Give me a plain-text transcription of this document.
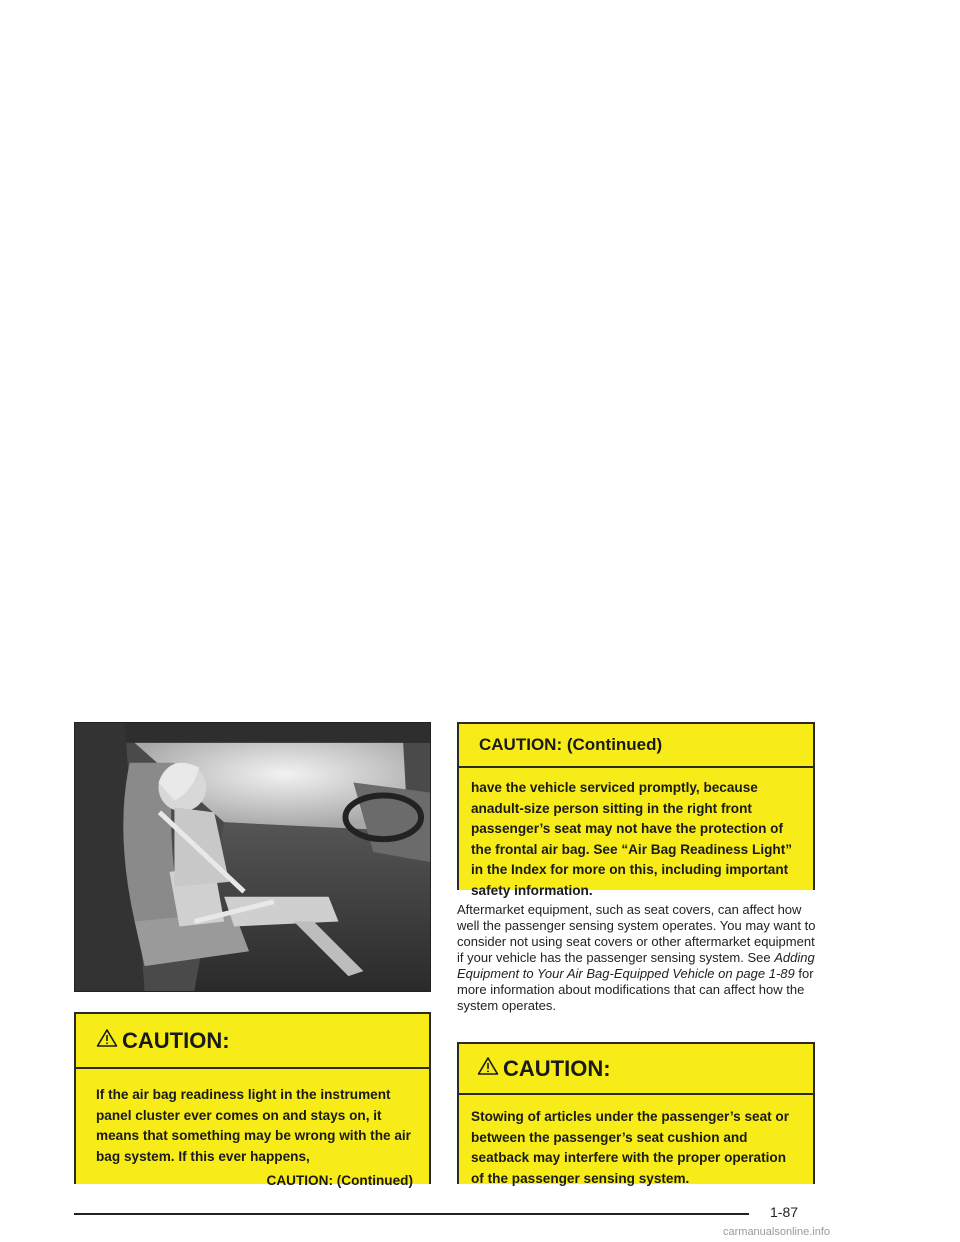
CAUTION:
If the air bag readiness light in the instrument panel cluster ever comes on and stays on, it means that something may be wrong with the air bag system. If this ever happens,
CAUTION: (Continued)
CAUTION: (Continued)
have the vehicle serviced promptly, because anadult-size person sitting in the right front passenger’s seat may not have the protection of the frontal air bag. See “Air Bag Readiness Light” in the Index for more on this, including important safety information.
Aftermarket equipment, such as seat covers, can affect how well the passenger sensing system operates. You may want to consider not using seat covers or other aftermarket equipment if your vehicle has the passenger sensing system. See Adding Equipment to Your Air Bag-Equipped Vehicle on page 1-89 for more information about modifications that can affect how the system operates.
CAUTION:
Stowing of articles under the passenger’s seat or between the passenger’s seat cushion and seatback may interfere with the proper operation of the passenger sensing system.
1-87
carmanualsonline.info
